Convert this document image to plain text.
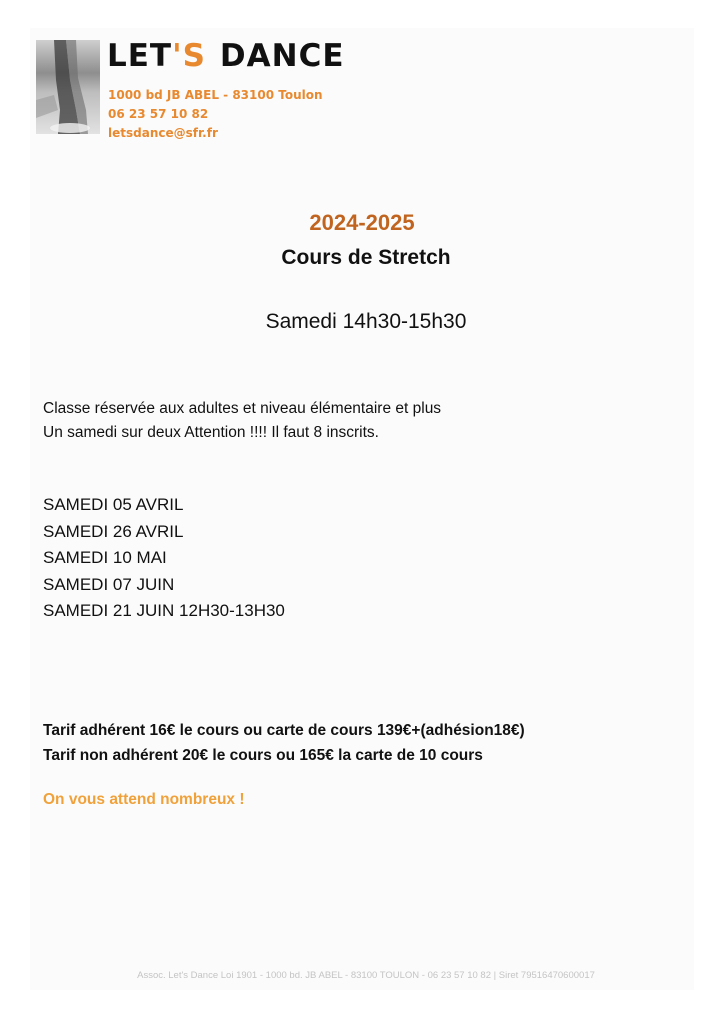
LET'S DANCE
1000 bd JB ABEL - 83100 Toulon
06 23 57 10 82
letsdance@sfr.fr
2024-2025
Cours de Stretch
Samedi 14h30-15h30
Classe réservée aux adultes et niveau élémentaire et plus
Un samedi sur deux Attention !!!! Il faut 8 inscrits.
SAMEDI 05 AVRIL
SAMEDI 26 AVRIL
SAMEDI 10 MAI
SAMEDI 07 JUIN
SAMEDI 21 JUIN 12H30-13H30
Tarif adhérent 16€ le cours ou carte de cours 139€+(adhésion18€)
Tarif non adhérent 20€ le cours ou 165€ la carte de 10 cours
On vous attend nombreux !
Assoc. Let's Dance Loi 1901 - 1000 bd. JB ABEL - 83100 TOULON - 06 23 57 10 82 | Siret 79516470600017
